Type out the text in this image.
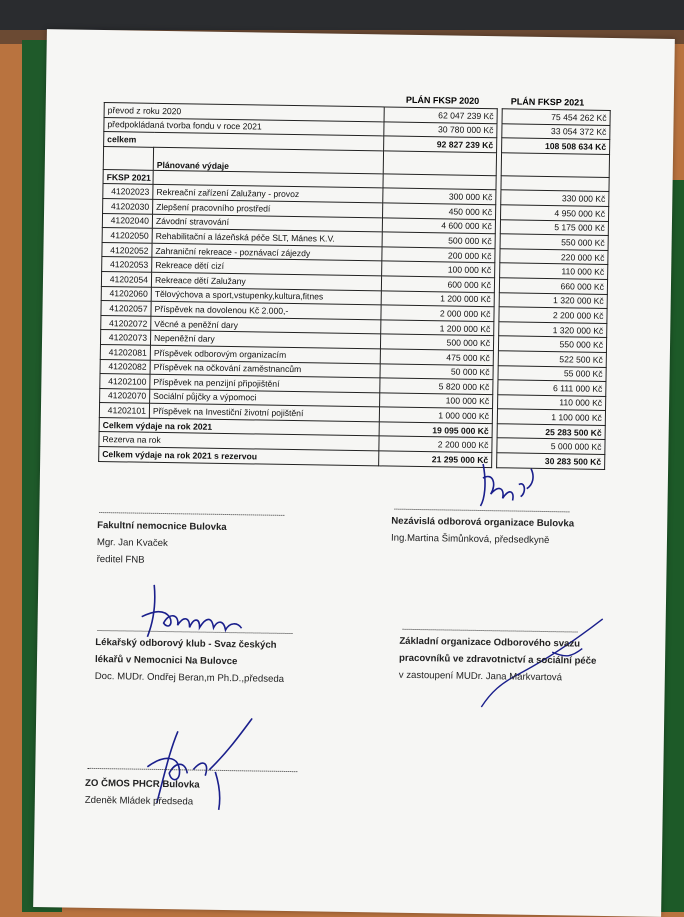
PLÁN FKSP 2020	PLÁN FKSP 2021
převod z roku 2020		62 047 239 Kč		75 454 262 Kč
předpokládaná tvorba fondu v roce 2021		30 780 000 Kč		33 054 372 Kč
celkem		92 827 239 Kč		108 508 634 Kč
	Plánované výdaje			
FKSP 2021				
41202023	Rekreační zařízení Zalužany - provoz	300 000 Kč		330 000 Kč
41202030	Zlepšení pracovního prostředí	450 000 Kč		4 950 000 Kč
41202040	Závodní stravování	4 600 000 Kč		5 175 000 Kč
41202050	Rehabilitační a lázeňská péče SLT, Mánes K.V.	500 000 Kč		550 000 Kč
41202052	Zahraniční rekreace - poznávací zájezdy	200 000 Kč		220 000 Kč
41202053	Rekreace dětí cizí	100 000 Kč		110 000 Kč
41202054	Rekreace dětí Zalužany	600 000 Kč		660 000 Kč
41202060	Tělovýchova a sport,vstupenky,kultura,fitnes	1 200 000 Kč		1 320 000 Kč
41202057	Příspěvek na dovolenou Kč 2.000,-	2 000 000 Kč		2 200 000 Kč
41202072	Věcné a peněžní dary	1 200 000 Kč		1 320 000 Kč
41202073	Nepeněžní dary	500 000 Kč		550 000 Kč
41202081	Příspěvek odborovým organizacím	475 000 Kč		522 500 Kč
41202082	Příspěvek na očkování zaměstnancům	50 000 Kč		55 000 Kč
41202100	Příspěvek na penzijní připojištění	5 820 000 Kč		6 111 000 Kč
41202070	Sociální půjčky a výpomoci	100 000 Kč		110 000 Kč
41202101	Příspěvek na Investiční životní pojištění	1 000 000 Kč		1 100 000 Kč
Celkem výdaje na rok 2021		19 095 000 Kč		25 283 500 Kč
Rezerva na rok		2 200 000 Kč		5 000 000 Kč
Celkem výdaje na rok 2021 s rezervou		21 295 000 Kč		30 283 500 Kč
Fakultní nemocnice Bulovka
Mgr. Jan Kvaček
ředitel FNB
Nezávislá odborová organizace Bulovka
Ing.Martina Šimůnková, předsedkyně
Lékařský odborový klub - Svaz českých
lékařů v Nemocnici Na Bulovce
Doc. MUDr. Ondřej Beran,m Ph.D.,předseda
Základní organizace Odborového svazu
pracovníků ve zdravotnictví a sociální péče
v zastoupení MUDr. Jana Markvartová
ZO ČMOS PHCR Bulovka
Zdeněk Mládek předseda
